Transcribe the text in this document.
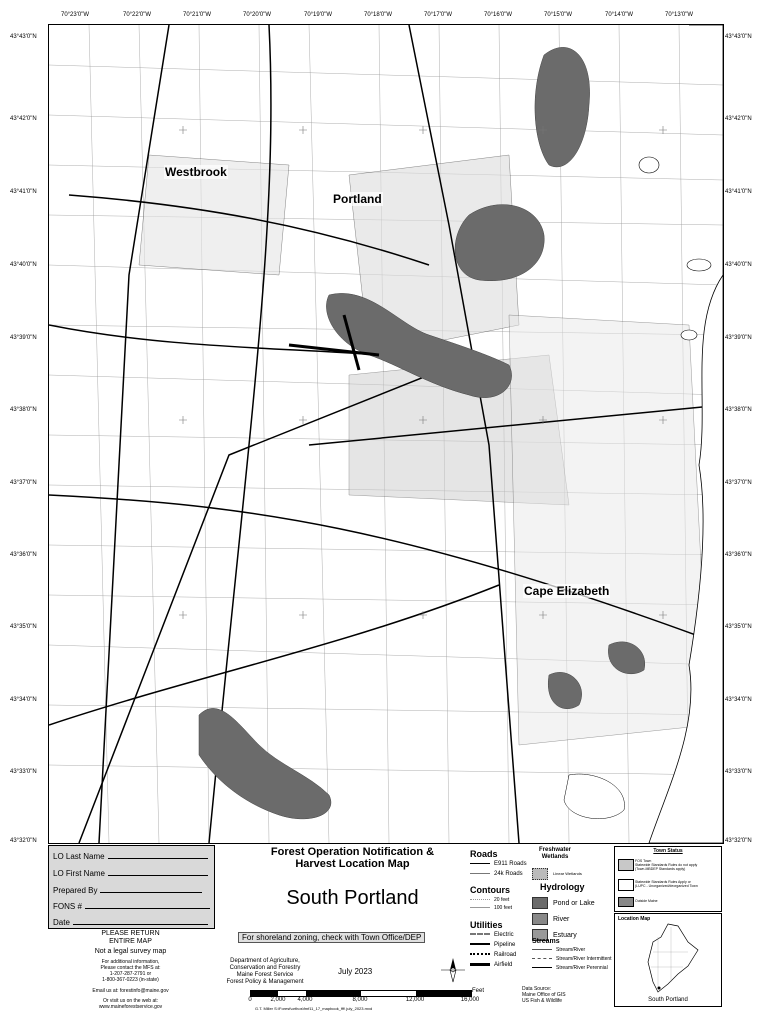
70°23'0"W	70°22'0"W	70°21'0"W	70°20'0"W	70°19'0"W	70°18'0"W	70°17'0"W	70°16'0"W	70°15'0"W	70°14'0"W	70°13'0"W
43°43'0"N
43°42'0"N
43°41'0"N
43°40'0"N
43°39'0"N
43°38'0"N
43°37'0"N
43°36'0"N
43°35'0"N
43°34'0"N
43°33'0"N
43°32'0"N
43°43'0"N
43°42'0"N
43°41'0"N
43°40'0"N
43°39'0"N
43°38'0"N
43°37'0"N
43°36'0"N
43°35'0"N
43°34'0"N
43°33'0"N
43°32'0"N
Westbrook
Portland
Cape Elizabeth
LO Last Name
LO First Name
Prepared By
FONS #
Date
PLEASE RETURN
ENTIRE MAP
Not a legal survey map
For additional information,
Please contact the MFS at:
1-207-287-2791 or
1-800-367-0223 (in-state)
Email us at: forestinfo@maine.gov
Or visit us on the web at:
www.maineforestservice.gov
Forest Operation Notification &
Harvest Location Map
South Portland
For shoreland zoning, check with Town Office/DEP
Department of Agriculture,
Conservation and Forestry
Maine Forest Service
Forest Policy & Management
July 2023
Feet
0	2,000 4,000	8,000	12,000	16,000
G.T. Miller S:\Forest\orthos\fmf11_17_mapbook_fff\ july_2023.mxd
Roads
E911 Roads
24k Roads
Contours
20 feet
100 feet
Utilities
Electric
Pipeline
Railroad
Airfield
Freshwater
Wetlands
Linear Wetlands
Hydrology
Pond or Lake
River
Estuary
Streams
Stream/River
Stream/River Intermittent
Stream/River Perennial
Data Source:
Maine Office of GIS
US Fish & Wildlife
Town Status
FOS Town
Statewide Standards Rules do not apply
(Town-MBDEP Standards apply)
Statewide Standards Rules Apply or
(LUPC - Unorganized/deorganized Town
Outside Maine
Location Map
South Portland
